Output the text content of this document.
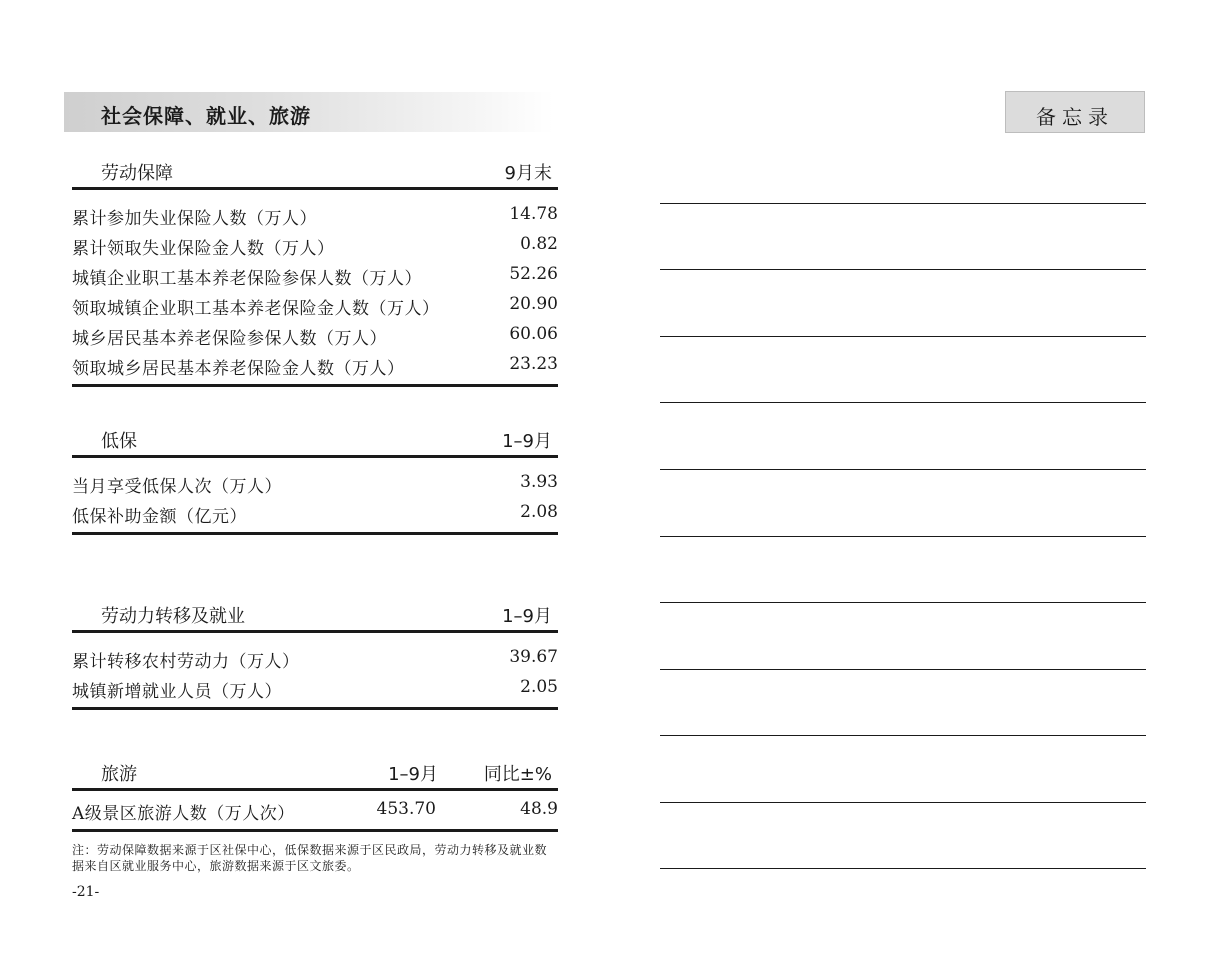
社会保障、就业、旅游	备忘录
劳动保障	9月末
累计参加失业保险人数（万人）	14.78
累计领取失业保险金人数（万人）	0.82
城镇企业职工基本养老保险参保人数（万人）	52.26
领取城镇企业职工基本养老保险金人数（万人）	20.90
城乡居民基本养老保险参保人数（万人）	60.06
领取城乡居民基本养老保险金人数（万人）	23.23
低保	1–9月
当月享受低保人次（万人）	3.93
低保补助金额（亿元）	2.08
劳动力转移及就业	1–9月
累计转移农村劳动力（万人）	39.67
城镇新增就业人员（万人）	2.05
旅游	1–9月	同比±%
A级景区旅游人数（万人次）	453.70	48.9
注：劳动保障数据来源于区社保中心，低保数据来源于区民政局，劳动力转移及就业数据来自区就业服务中心，旅游数据来源于区文旅委。
-21-
